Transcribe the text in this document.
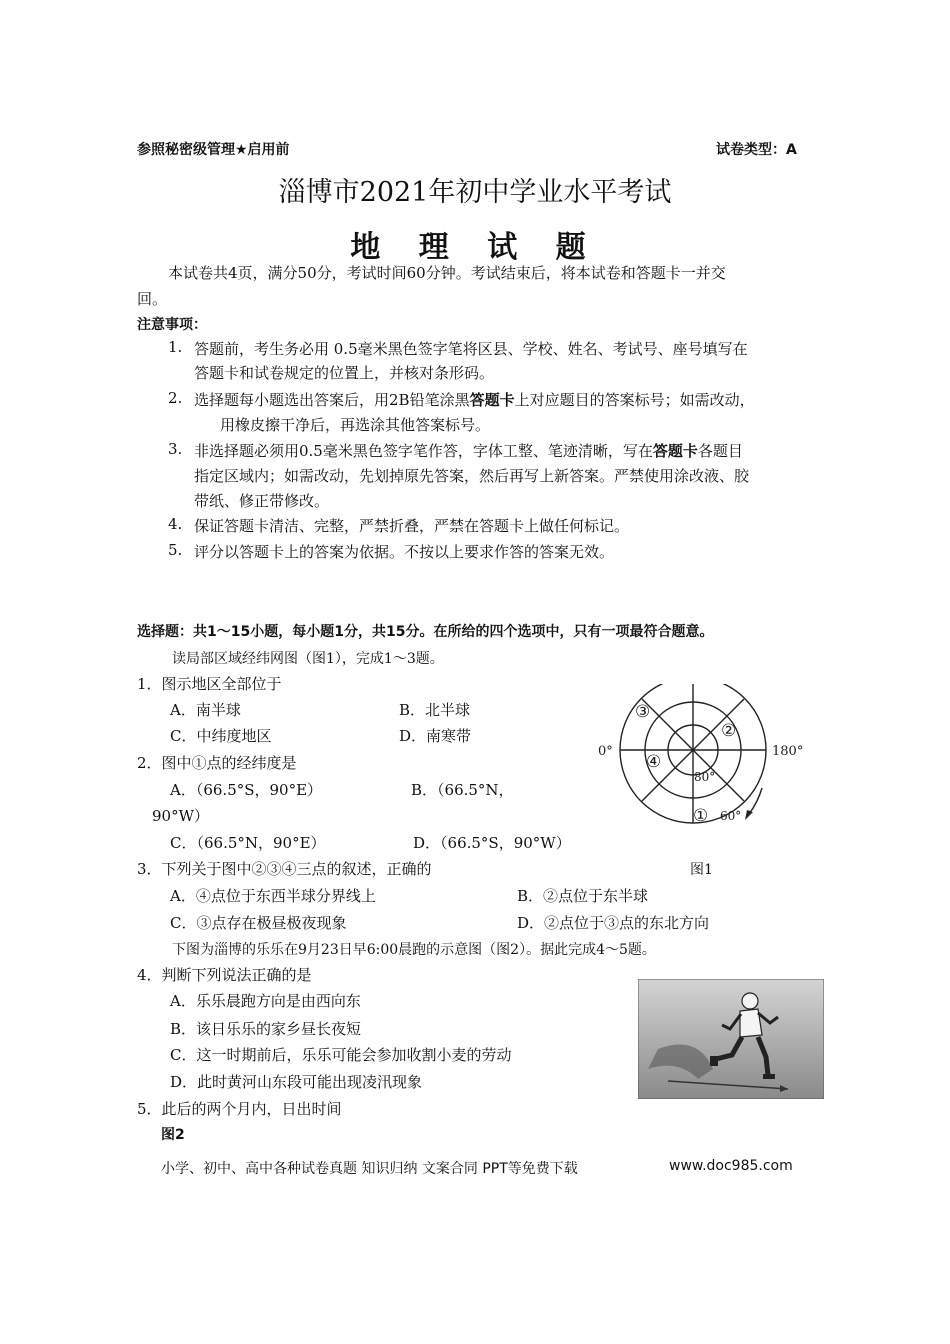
参照秘密级管理★启用前	试卷类型：A
淄博市2021年初中学业水平考试
地 理 试 题
本试卷共4页，满分50分，考试时间60分钟。考试结束后，将本试卷和答题卡一并交
回。
注意事项：
1. 答题前，考生务必用 0.5毫米黑色签字笔将区县、学校、姓名、考试号、座号填写在
答题卡和试卷规定的位置上，并核对条形码。
2. 选择题每小题选出答案后，用2B铅笔涂黑答题卡上对应题目的答案标号；如需改动，
用橡皮擦干净后，再选涂其他答案标号。
3. 非选择题必须用0.5毫米黑色签字笔作答，字体工整、笔迹清晰，写在答题卡各题目
指定区域内；如需改动，先划掉原先答案，然后再写上新答案。严禁使用涂改液、胶
带纸、修正带修改。
4. 保证答题卡清洁、完整，严禁折叠，严禁在答题卡上做任何标记。
5. 评分以答题卡上的答案为依据。不按以上要求作答的答案无效。
选择题：共1～15小题，每小题1分，共15分。在所给的四个选项中，只有一项最符合题意。
读局部区域经纬网图（图1），完成1～3题。
1．图示地区全部位于
A．南半球	B．北半球
C．中纬度地区	D．南寒带
2．图中①点的经纬度是
A．（66.5°S，90°E）	B．（66.5°N，
90°W）
C．（66.5°N，90°E）	D．（66.5°S，90°W）
0°	180°
80°
60°
①
②
③
④
3．下列关于图中②③④三点的叙述，正确的	图1
A．④点位于东西半球分界线上	B．②点位于东半球
C．③点存在极昼极夜现象	D．②点位于③点的东北方向
下图为淄博的乐乐在9月23日早6:00晨跑的示意图（图2）。据此完成4～5题。
4．判断下列说法正确的是
A．乐乐晨跑方向是由西向东
B．该日乐乐的家乡昼长夜短
C．这一时期前后，乐乐可能会参加收割小麦的劳动
D．此时黄河山东段可能出现凌汛现象
5．此后的两个月内，日出时间
图2
小学、初中、高中各种试卷真题 知识归纳 文案合同 PPT等免费下载	www.doc985.com
